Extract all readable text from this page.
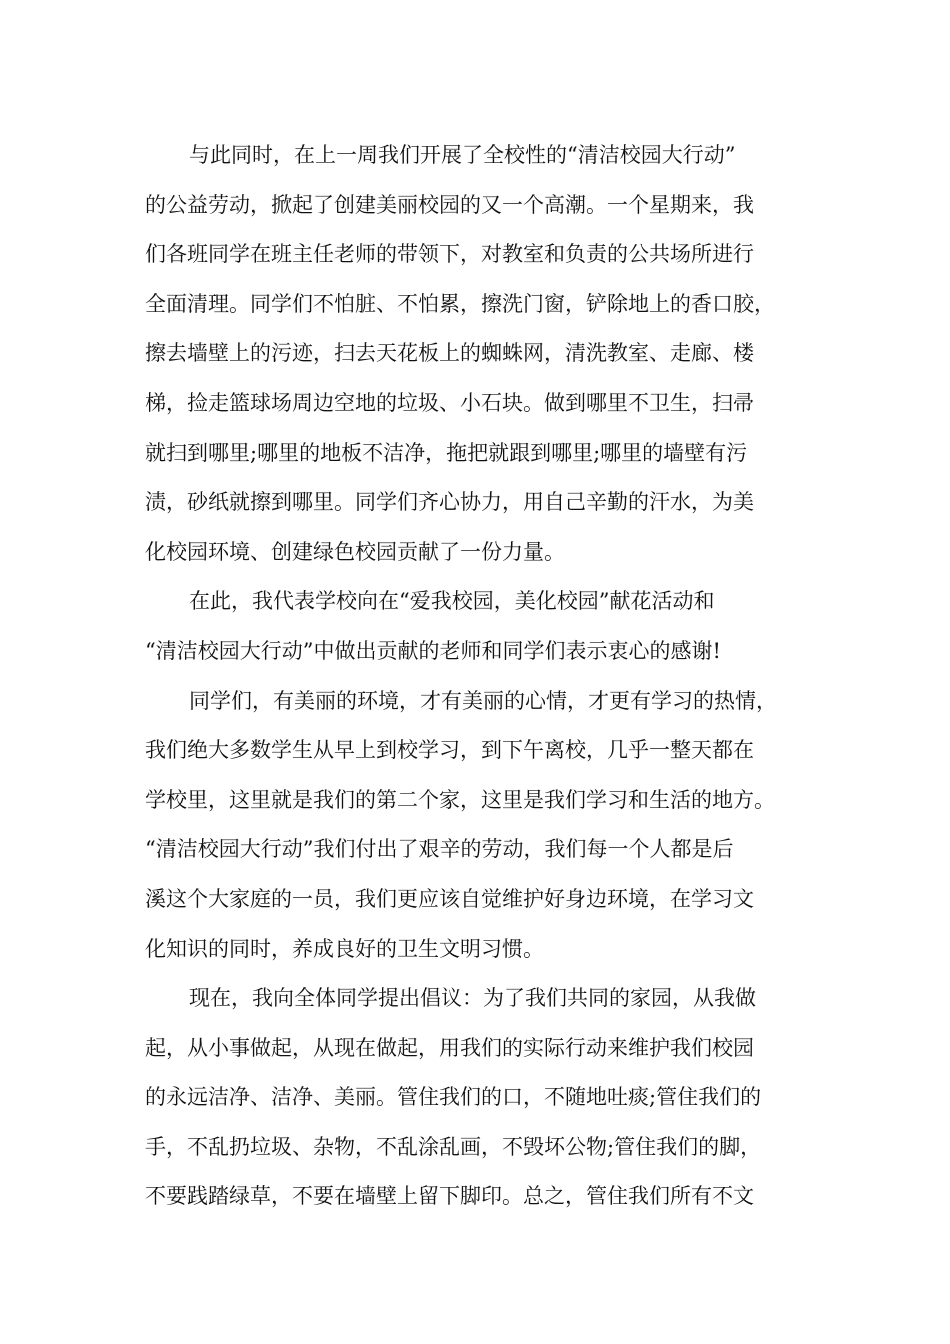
与此同时，在上一周我们开展了全校性的“清洁校园大行动”
的公益劳动，掀起了创建美丽校园的又一个高潮。一个星期来，我
们各班同学在班主任老师的带领下，对教室和负责的公共场所进行
全面清理。同学们不怕脏、不怕累，擦洗门窗，铲除地上的香口胶，
擦去墙壁上的污迹，扫去天花板上的蜘蛛网，清洗教室、走廊、楼
梯，捡走篮球场周边空地的垃圾、小石块。做到哪里不卫生，扫帚
就扫到哪里;哪里的地板不洁净，拖把就跟到哪里;哪里的墙壁有污
渍，砂纸就擦到哪里。同学们齐心协力，用自己辛勤的汗水，为美
化校园环境、创建绿色校园贡献了一份力量。

在此，我代表学校向在“爱我校园，美化校园”献花活动和
“清洁校园大行动”中做出贡献的老师和同学们表示衷心的感谢!

同学们，有美丽的环境，才有美丽的心情，才更有学习的热情，
我们绝大多数学生从早上到校学习，到下午离校，几乎一整天都在
学校里，这里就是我们的第二个家，这里是我们学习和生活的地方。
“清洁校园大行动”我们付出了艰辛的劳动，我们每一个人都是后
溪这个大家庭的一员，我们更应该自觉维护好身边环境，在学习文
化知识的同时，养成良好的卫生文明习惯。

现在，我向全体同学提出倡议：为了我们共同的家园，从我做
起，从小事做起，从现在做起，用我们的实际行动来维护我们校园
的永远洁净、洁净、美丽。管住我们的口，不随地吐痰;管住我们的
手，不乱扔垃圾、杂物，不乱涂乱画，不毁坏公物;管住我们的脚，
不要践踏绿草，不要在墙壁上留下脚印。总之，管住我们所有不文
